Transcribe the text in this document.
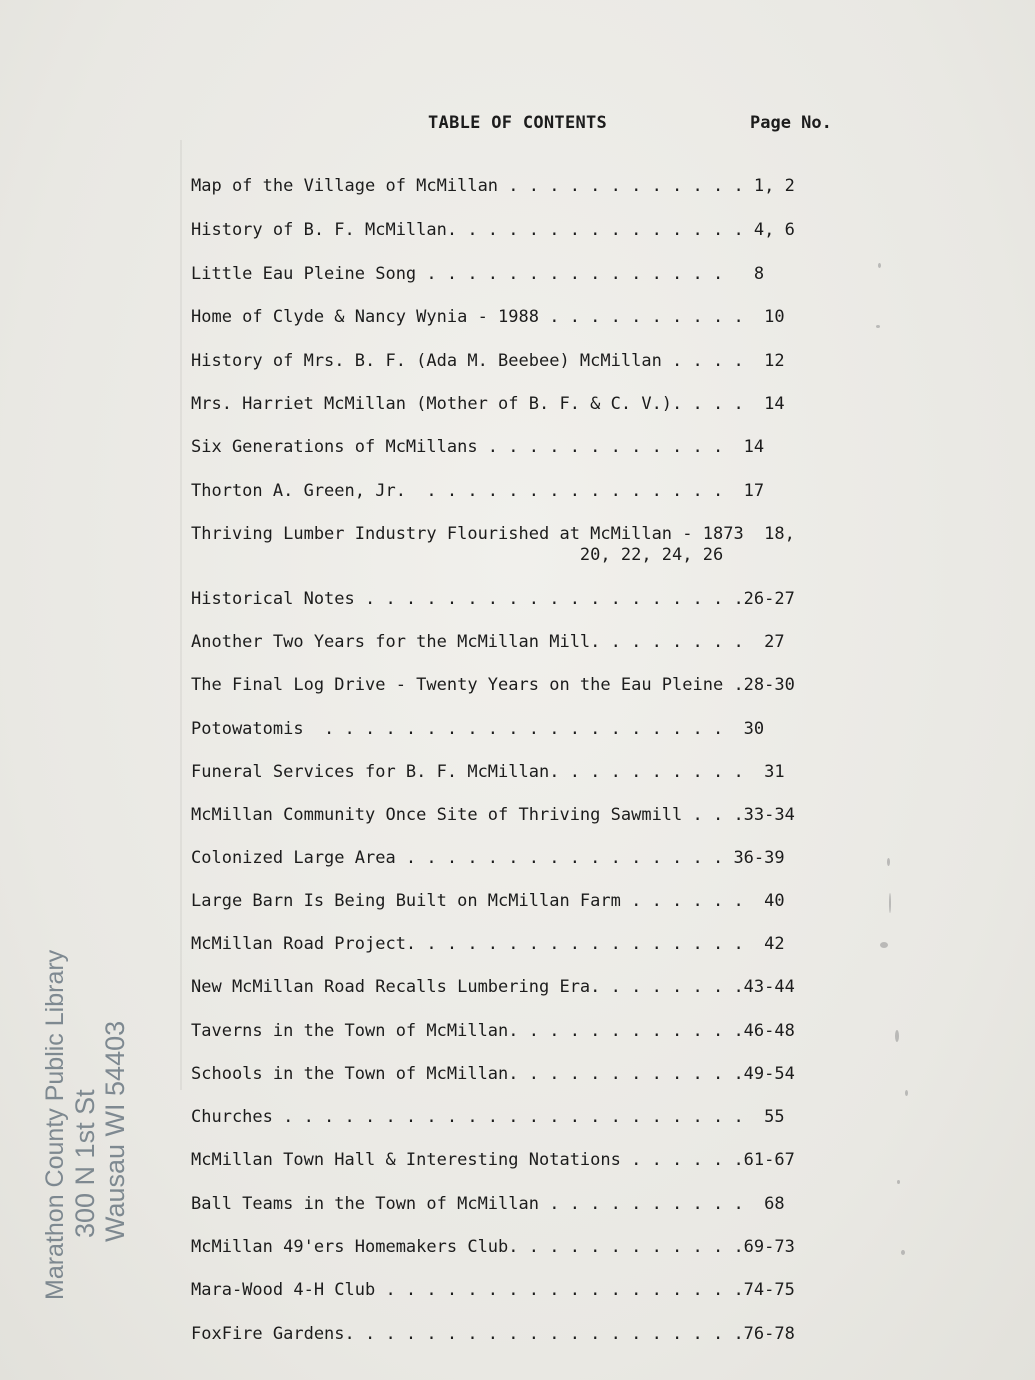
TABLE OF CONTENTS	Page No.
Map of the Village of McMillan . . . . . . . . . . . . 1, 2
History of B. F. McMillan. . . . . . . . . . . . . . . 4, 6
Little Eau Pleine Song . . . . . . . . . . . . . . .   8
Home of Clyde & Nancy Wynia - 1988 . . . . . . . . . .  10
History of Mrs. B. F. (Ada M. Beebee) McMillan . . . .  12
Mrs. Harriet McMillan (Mother of B. F. & C. V.). . . .  14
Six Generations of McMillans . . . . . . . . . . . .  14
Thorton A. Green, Jr.  . . . . . . . . . . . . . . .  17
Thriving Lumber Industry Flourished at McMillan - 1873  18,
20, 22, 24, 26
Historical Notes . . . . . . . . . . . . . . . . . . .26-27
Another Two Years for the McMillan Mill. . . . . . . .  27
The Final Log Drive - Twenty Years on the Eau Pleine .28-30
Potowatomis  . . . . . . . . . . . . . . . . . . . .  30
Funeral Services for B. F. McMillan. . . . . . . . . .  31
McMillan Community Once Site of Thriving Sawmill . . .33-34
Colonized Large Area . . . . . . . . . . . . . . . . 36-39
Large Barn Is Being Built on McMillan Farm . . . . . .  40
McMillan Road Project. . . . . . . . . . . . . . . . .  42
New McMillan Road Recalls Lumbering Era. . . . . . . .43-44
Taverns in the Town of McMillan. . . . . . . . . . . .46-48
Schools in the Town of McMillan. . . . . . . . . . . .49-54
Churches . . . . . . . . . . . . . . . . . . . . . . .  55
McMillan Town Hall & Interesting Notations . . . . . .61-67
Ball Teams in the Town of McMillan . . . . . . . . . .  68
McMillan 49'ers Homemakers Club. . . . . . . . . . . .69-73
Mara-Wood 4-H Club . . . . . . . . . . . . . . . . . .74-75
FoxFire Gardens. . . . . . . . . . . . . . . . . . . .76-78
Marathon County Public Library 300 N 1st St Wausau WI 54403
